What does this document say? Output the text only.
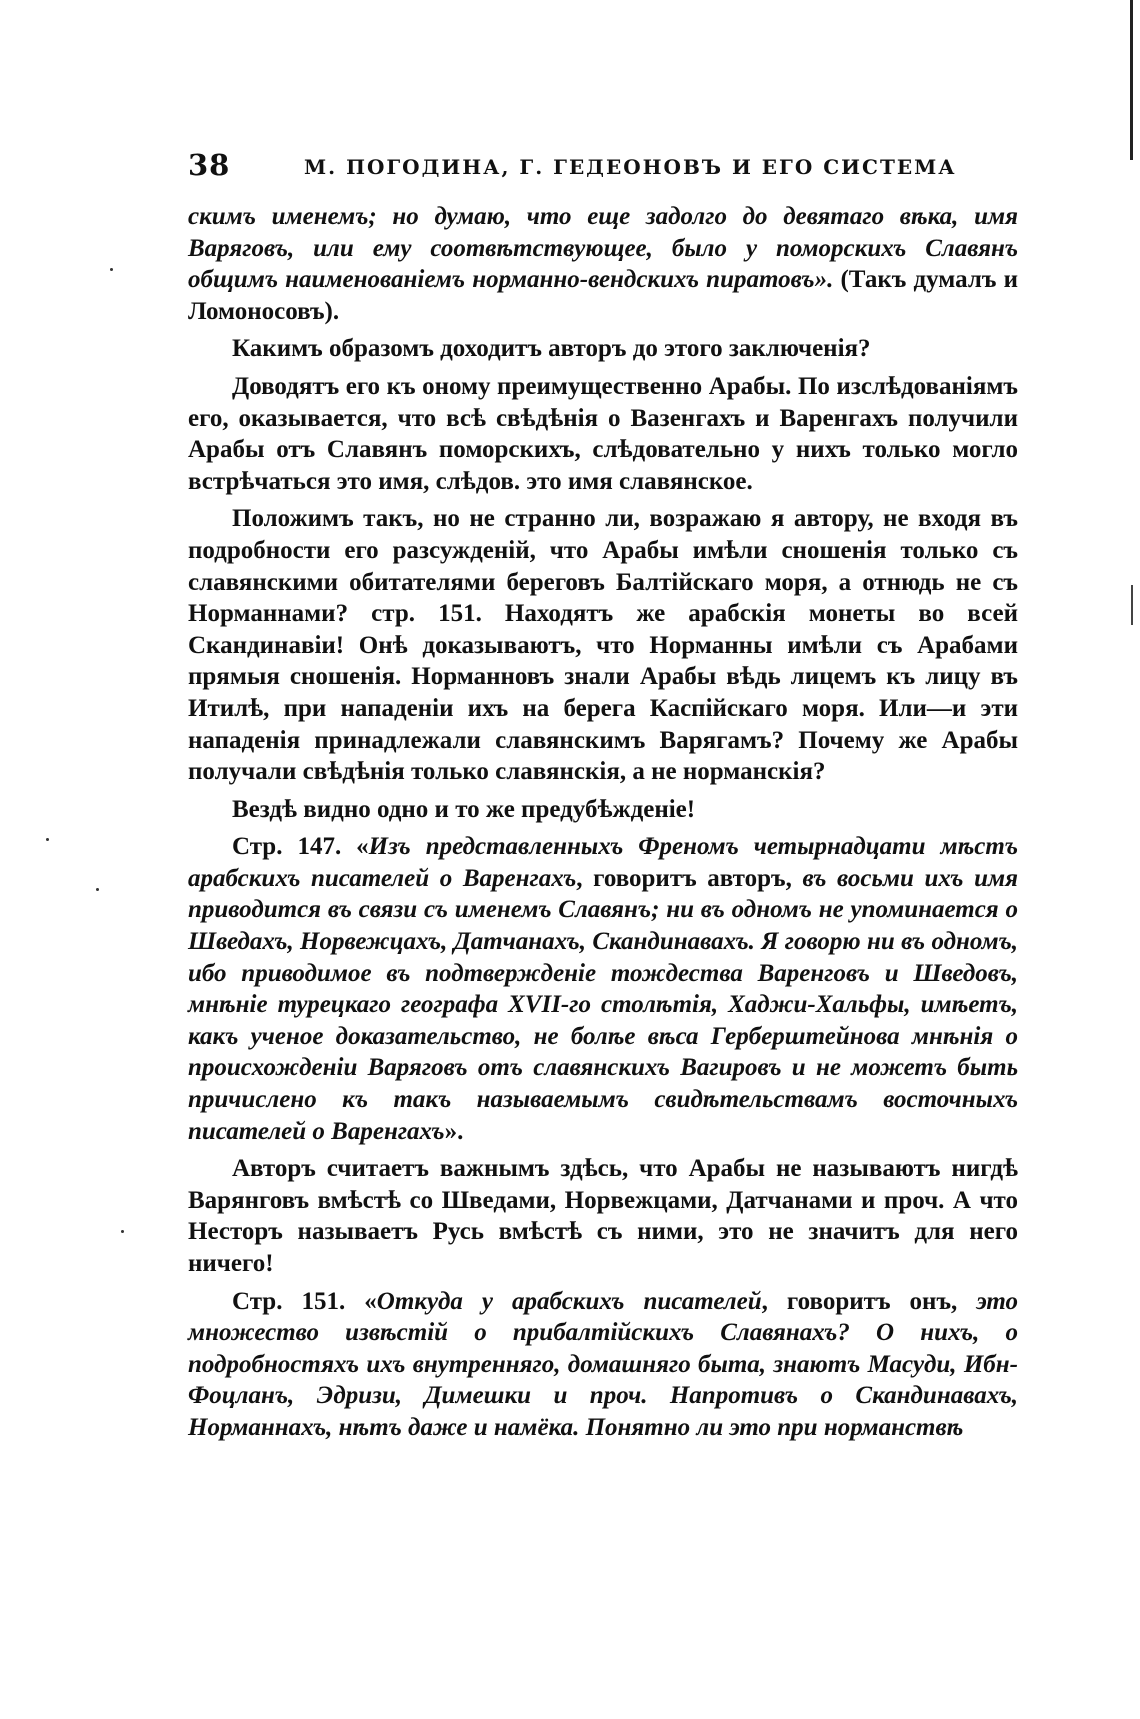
38	М. ПОГОДИНА, Г. ГЕДЕОНОВЪ И ЕГО СИСТЕМА

скимъ именемъ; но думаю, что еще задолго до девятаго вѣка, имя Варяговъ, или ему соотвѣтствующее, было у поморскихъ Славянъ общимъ наименованіемъ норманно-вендскихъ пиратовъ». (Такъ думалъ и Ломоносовъ).

Какимъ образомъ доходитъ авторъ до этого заключенія?

Доводятъ его къ оному преимущественно Арабы. По изслѣдованіямъ его, оказывается, что всѣ свѣдѣнія о Вазенгахъ и Варенгахъ получили Арабы отъ Славянъ поморскихъ, слѣдовательно у нихъ только могло встрѣчаться это имя, слѣдов. это имя славянское.

Положимъ такъ, но не странно ли, возражаю я автору, не входя въ подробности его разсужденій, что Арабы имѣли сношенія только съ славянскими обитателями береговъ Балтійскаго моря, а отнюдь не съ Норманнами? стр. 151. Находятъ же арабскія монеты во всей Скандинавіи! Онѣ доказываютъ, что Норманны имѣли съ Арабами прямыя сношенія. Норманновъ знали Арабы вѣдь лицемъ къ лицу въ Итилѣ, при нападеніи ихъ на берега Каспійскаго моря. Или—и эти нападенія принадлежали славянскимъ Варягамъ? Почему же Арабы получали свѣдѣнія только славянскія, а не норманскія?

Вездѣ видно одно и то же предубѣжденіе!

Стр. 147. «Изъ представленныхъ Френомъ четырнадцати мѣстъ арабскихъ писателей о Варенгахъ, говоритъ авторъ, въ восьми ихъ имя приводится въ связи съ именемъ Славянъ; ни въ одномъ не упоминается о Шведахъ, Норвежцахъ, Датчанахъ, Скандинавахъ. Я говорю ни въ одномъ, ибо приводимое въ подтвержденіе тождества Варенговъ и Шведовъ, мнѣніе турецкаго географа XVII-го столѣтія, Хаджи-Хальфы, имѣетъ, какъ ученое доказательство, не болѣе вѣса Герберштейнова мнѣнія о происхожденіи Варяговъ отъ славянскихъ Вагировъ и не можетъ быть причислено къ такъ называемымъ свидѣтельствамъ восточныхъ писателей о Варенгахъ».

Авторъ считаетъ важнымъ здѣсь, что Арабы не называютъ нигдѣ Варянговъ вмѣстѣ со Шведами, Норвежцами, Датчанами и проч. А что Несторъ называетъ Русь вмѣстѣ съ ними, это не значитъ для него ничего!

Стр. 151. «Откуда у арабскихъ писателей, говоритъ онъ, это множество извѣстій о прибалтійскихъ Славянахъ? О нихъ, о подробностяхъ ихъ внутренняго, домашняго быта, знаютъ Масуди, Ибн-Фоцланъ, Эдризи, Димешки и проч. Напротивъ о Скандинавахъ, Норманнахъ, нѣтъ даже и намёка. Понятно ли это при норманствѣ
